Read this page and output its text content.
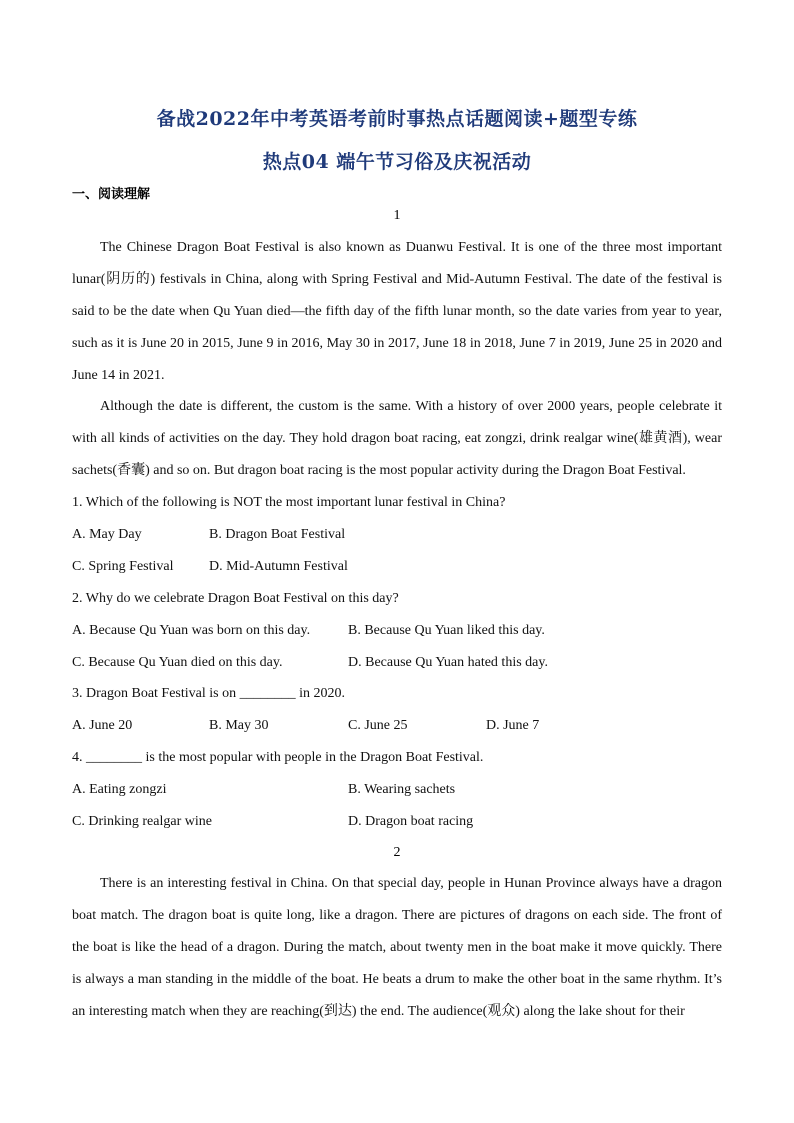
备战2022年中考英语考前时事热点话题阅读+题型专练
热点04 端午节习俗及庆祝活动
一、阅读理解
1

The Chinese Dragon Boat Festival is also known as Duanwu Festival. It is one of the three most important lunar(阴历的) festivals in China, along with Spring Festival and Mid-Autumn Festival. The date of the festival is said to be the date when Qu Yuan died—the fifth day of the fifth lunar month, so the date varies from year to year, such as it is June 20 in 2015, June 9 in 2016, May 30 in 2017, June 18 in 2018, June 7 in 2019, June 25 in 2020 and June 14 in 2021.

Although the date is different, the custom is the same. With a history of over 2000 years, people celebrate it with all kinds of activities on the day. They hold dragon boat racing, eat zongzi, drink realgar wine(雄黄酒), wear sachets(香囊) and so on. But dragon boat racing is the most popular activity during the Dragon Boat Festival.

1. Which of the following is NOT the most important lunar festival in China?
A. May Day	B. Dragon Boat Festival
C. Spring Festival	D. Mid-Autumn Festival
2. Why do we celebrate Dragon Boat Festival on this day?
A. Because Qu Yuan was born on this day.	B. Because Qu Yuan liked this day.
C. Because Qu Yuan died on this day.	D. Because Qu Yuan hated this day.
3. Dragon Boat Festival is on ________ in 2020.
A. June 20	B. May 30	C. June 25	D. June 7
4. ________ is the most popular with people in the Dragon Boat Festival.
A. Eating zongzi	B. Wearing sachets
C. Drinking realgar wine	D. Dragon boat racing
2

There is an interesting festival in China. On that special day, people in Hunan Province always have a dragon boat match. The dragon boat is quite long, like a dragon. There are pictures of dragons on each side. The front of the boat is like the head of a dragon. During the match, about twenty men in the boat make it move quickly. There is always a man standing in the middle of the boat. He beats a drum to make the other boat in the same rhythm. It’s an interesting match when they are reaching(到达) the end. The audience(观众) along the lake shout for their
